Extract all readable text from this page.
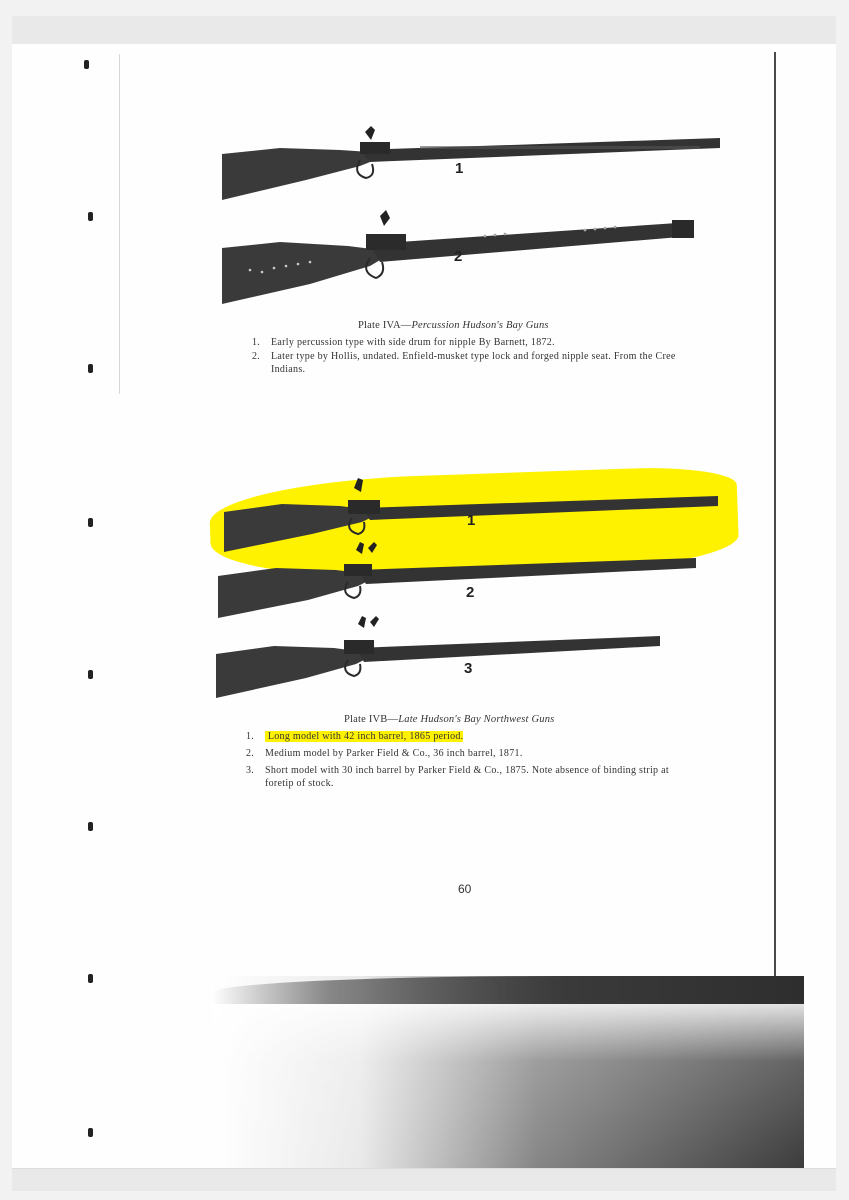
1
2
Plate IVA—Percussion Hudson's Bay Guns
1. Early percussion type with side drum for nipple By Barnett, 1872.
2. Later type by Hollis, undated. Enfield-musket type lock and forged nipple seat. From the Cree Indians.
1
2
3
Plate IVB—Late Hudson's Bay Northwest Guns
1. Long model with 42 inch barrel, 1865 period.
2. Medium model by Parker Field & Co., 36 inch barrel, 1871.
3. Short model with 30 inch barrel by Parker Field & Co., 1875. Note absence of binding strip at foretip of stock.
60
